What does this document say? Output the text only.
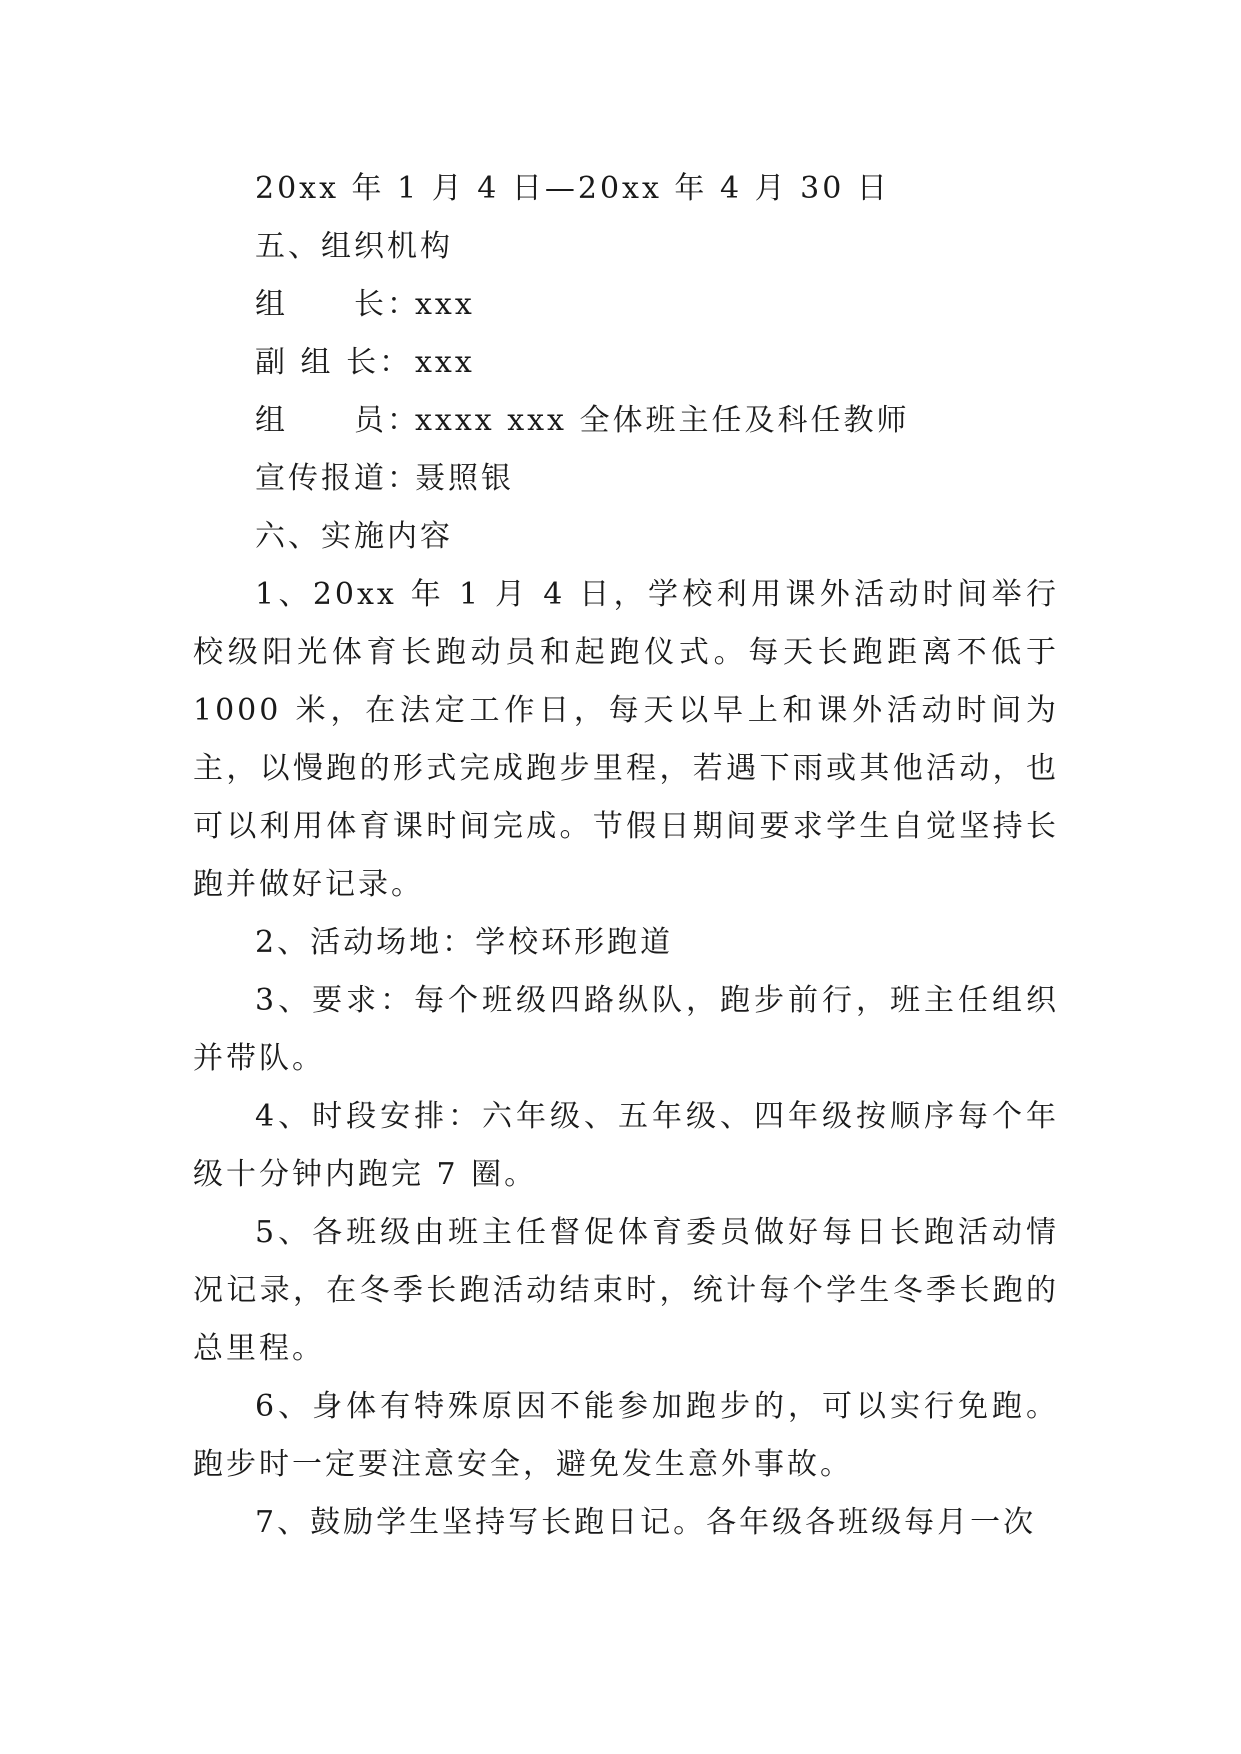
20xx 年 1 月 4 日—20xx 年 4 月 30 日

五、组织机构

组　　长：xxx
副 组 长：xxx
组　　员：xxxx xxx 全体班主任及科任教师
宣传报道：聂照银

六、实施内容

1、20xx 年 1 月 4 日，学校利用课外活动时间举行校级阳光体育长跑动员和起跑仪式。每天长跑距离不低于 1000 米，在法定工作日，每天以早上和课外活动时间为主，以慢跑的形式完成跑步里程，若遇下雨或其他活动，也可以利用体育课时间完成。节假日期间要求学生自觉坚持长跑并做好记录。

2、活动场地：学校环形跑道

3、要求：每个班级四路纵队，跑步前行，班主任组织并带队。

4、时段安排：六年级、五年级、四年级按顺序每个年级十分钟内跑完 7 圈。

5、各班级由班主任督促体育委员做好每日长跑活动情况记录，在冬季长跑活动结束时，统计每个学生冬季长跑的总里程。

6、身体有特殊原因不能参加跑步的，可以实行免跑。跑步时一定要注意安全，避免发生意外事故。

7、鼓励学生坚持写长跑日记。各年级各班级每月一次
